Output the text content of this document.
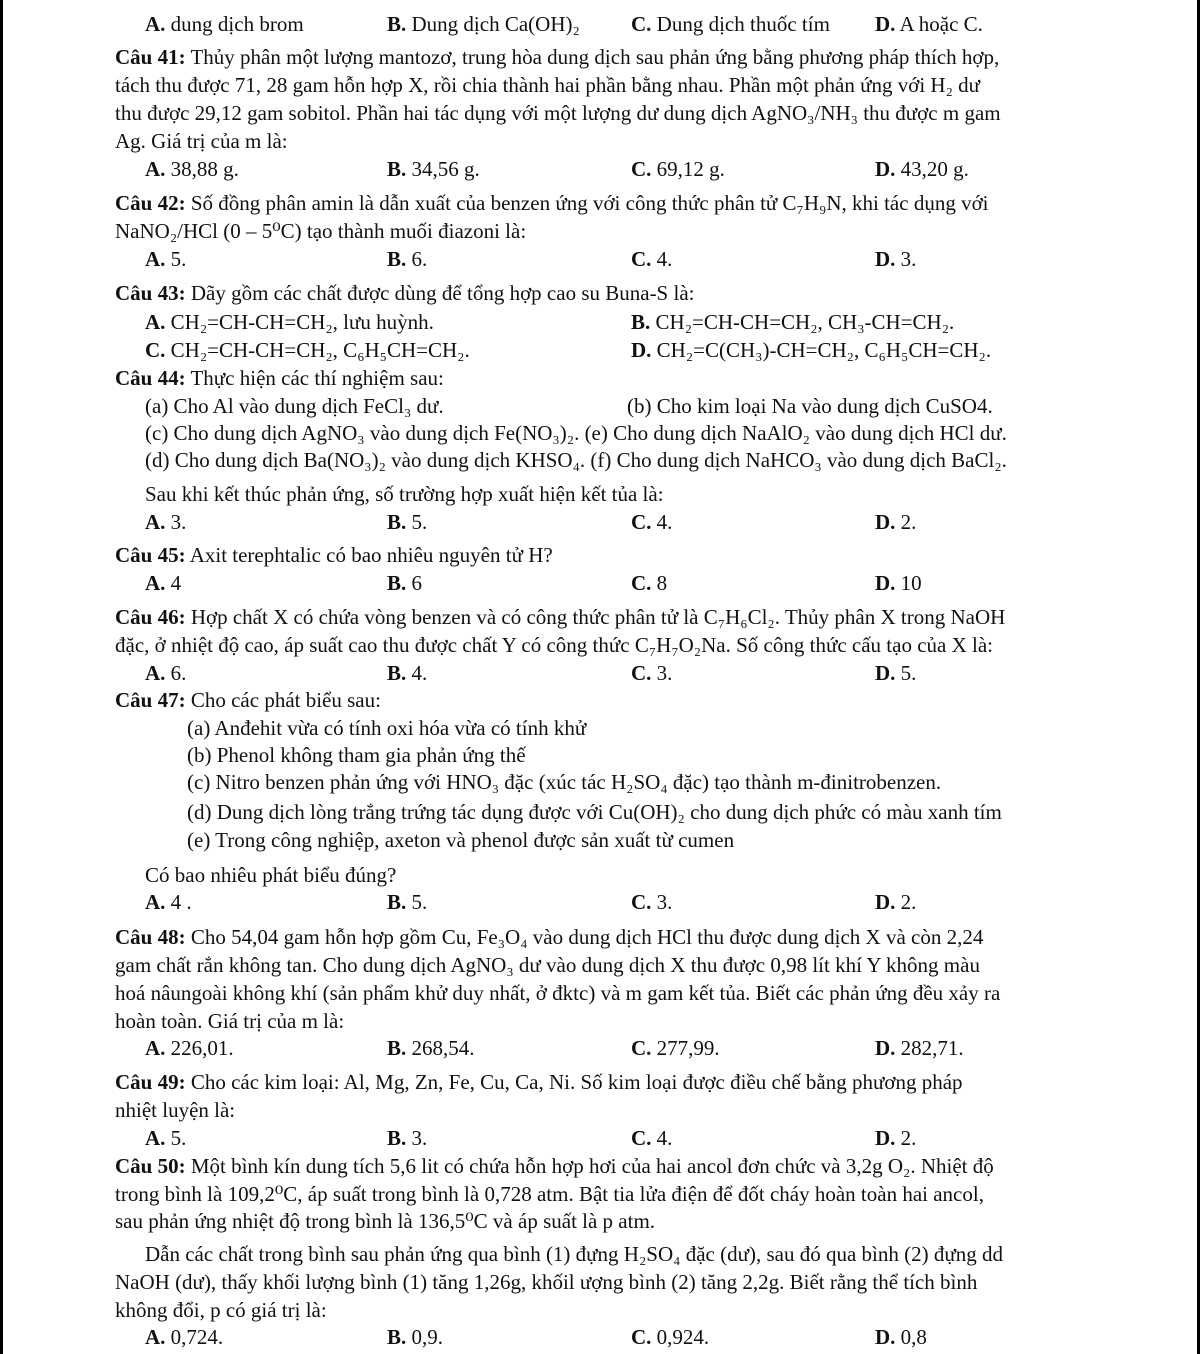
A. dung dịch brom	B. Dung dịch Ca(OH)₂ C. Dung dịch thuốc tím D. A hoặc C.
Câu 41: Thủy phân một lượng mantozơ, trung hòa dung dịch sau phản ứng bằng phương pháp thích hợp,
tách thu được 71, 28 gam hỗn hợp X, rồi chia thành hai phần bằng nhau. Phần một phản ứng với H₂ dư
thu được 29,12 gam sobitol. Phần hai tác dụng với một lượng dư dung dịch AgNO₃/NH₃ thu được m gam
Ag. Giá trị của m là:
A. 38,88 g.	B. 34,56 g.	C. 69,12 g.	D. 43,20 g.
Câu 42: Số đồng phân amin là dẫn xuất của benzen ứng với công thức phân tử C₇H₉N, khi tác dụng với
NaNO₂/HCl (0 – 5⁰C) tạo thành muối điazoni là:
A. 5.	B. 6.	C. 4.	D. 3.
Câu 43: Dãy gồm các chất được dùng để tổng hợp cao su Buna-S là:
A. CH₂=CH-CH=CH₂, lưu huỳnh.	B. CH₂=CH-CH=CH₂, CH₃-CH=CH₂.
C. CH₂=CH-CH=CH₂, C₆H₅CH=CH₂.	D. CH₂=C(CH₃)-CH=CH₂, C₆H₅CH=CH₂.
Câu 44: Thực hiện các thí nghiệm sau:
(a) Cho Al vào dung dịch FeCl₃ dư.	(b) Cho kim loại Na vào dung dịch CuSO4.
(c) Cho dung dịch AgNO₃ vào dung dịch Fe(NO₃)₂. (e) Cho dung dịch NaAlO₂ vào dung dịch HCl dư.
(d) Cho dung dịch Ba(NO₃)₂ vào dung dịch KHSO₄. (f) Cho dung dịch NaHCO₃ vào dung dịch BaCl₂.
Sau khi kết thúc phản ứng, số trường hợp xuất hiện kết tủa là:
A. 3.	B. 5.	C. 4.	D. 2.
Câu 45: Axit terephtalic có bao nhiêu nguyên tử H?
A. 4	B. 6	C. 8	D. 10
Câu 46: Hợp chất X có chứa vòng benzen và có công thức phân tử là C₇H₆Cl₂. Thủy phân X trong NaOH
đặc, ở nhiệt độ cao, áp suất cao thu được chất Y có công thức C₇H₇O₂Na. Số công thức cấu tạo của X là:
A. 6.	B. 4.	C. 3.	D. 5.
Câu 47: Cho các phát biểu sau:
(a) Anđehit vừa có tính oxi hóa vừa có tính khử
(b) Phenol không tham gia phản ứng thế
(c) Nitro benzen phản ứng với HNO₃ đặc (xúc tác H₂SO₄ đặc) tạo thành m-đinitrobenzen.
(d) Dung dịch lòng trắng trứng tác dụng được với Cu(OH)₂ cho dung dịch phức có màu xanh tím
(e) Trong công nghiệp, axeton và phenol được sản xuất từ cumen
Có bao nhiêu phát biểu đúng?
A. 4 .	B. 5.	C. 3.	D. 2.
Câu 48: Cho 54,04 gam hỗn hợp gồm Cu, Fe₃O₄ vào dung dịch HCl thu được dung dịch X và còn 2,24
gam chất rắn không tan. Cho dung dịch AgNO₃ dư vào dung dịch X thu được 0,98 lít khí Y không màu
hoá nâungoài không khí (sản phẩm khử duy nhất, ở đktc) và m gam kết tủa. Biết các phản ứng đều xảy ra
hoàn toàn. Giá trị của m là:
A. 226,01.	B. 268,54.	C. 277,99.	D. 282,71.
Câu 49: Cho các kim loại: Al, Mg, Zn, Fe, Cu, Ca, Ni. Số kim loại được điều chế bằng phương pháp
nhiệt luyện là:
A. 5.	B. 3.	C. 4.	D. 2.
Câu 50: Một bình kín dung tích 5,6 lit có chứa hỗn hợp hơi của hai ancol đơn chức và 3,2g O₂. Nhiệt độ
trong bình là 109,2⁰C, áp suất trong bình là 0,728 atm. Bật tia lửa điện để đốt cháy hoàn toàn hai ancol,
sau phản ứng nhiệt độ trong bình là 136,5⁰C và áp suất là p atm.
Dẫn các chất trong bình sau phản ứng qua bình (1) đựng H₂SO₄ đặc (dư), sau đó qua bình (2) đựng dd
NaOH (dư), thấy khối lượng bình (1) tăng 1,26g, khốil ượng bình (2) tăng 2,2g. Biết rằng thể tích bình
không đổi, p có giá trị là:
A. 0,724.	B. 0,9.	C. 0,924.	D. 0,8
